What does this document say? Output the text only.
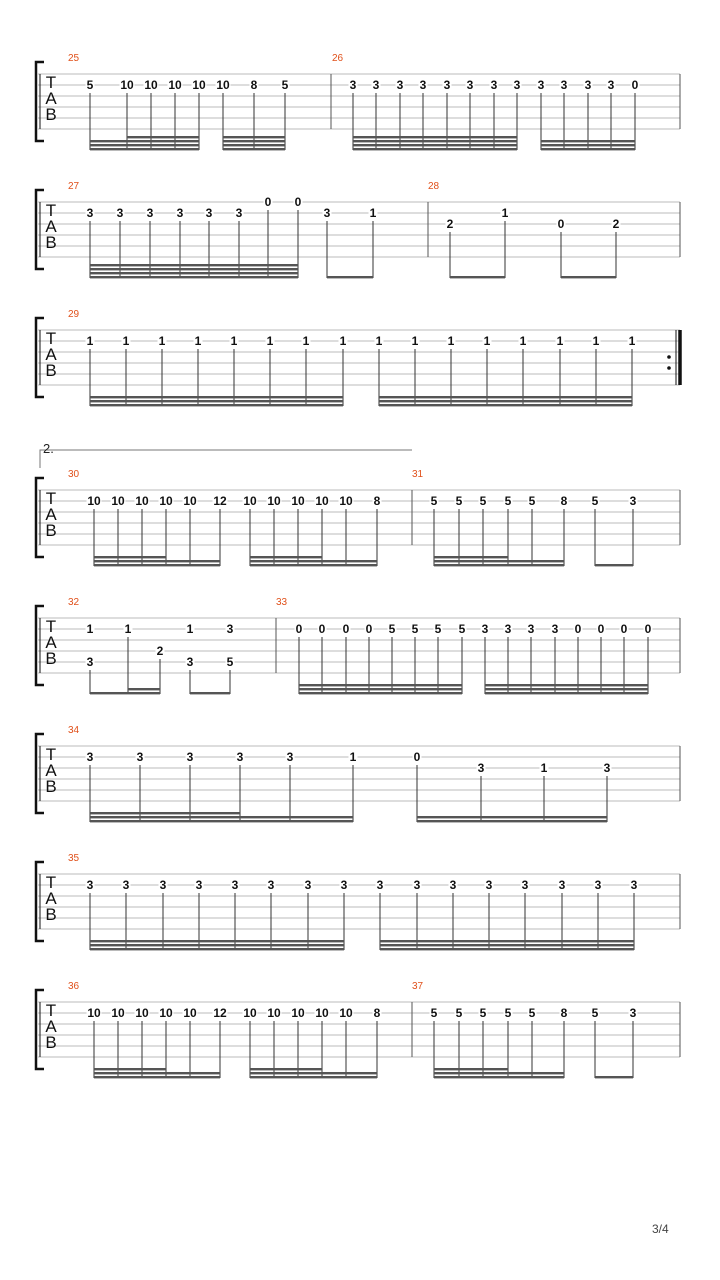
T
A
B
25
5 10 10 10 10 10 8 5
26
3 3 3 3 3 3 3 3 3 3 3 3 0
T
A
B
27
3 3 3 3 3 3
0 0
3	1
28
2
1
0	2
T
A
B
29
1 1 1 1 1 1 1	1 1 1 1 1 1	1 1 1
T
A
B
30
10 10 10 10 10 12 10 10 10 10 10 8
31
5 5 5 5 5 8 5	3
T
A
B
32
1
3
1
2
1
3
3
5
33
0 0 0 0 5 5 5 5 3 3 3 3 0 0 0 0
T
A
B
34
3	3	3	3	3	1	0
3	1	3
T
A
B
35
3 3	3 3 3 3	3 3 3	3 3 3 3	3 3 3
T
A
B
36
10 10 10 10 10 12 10 10 10 10 10 8
37
5 5 5 5 5 8 5	3
2.
3/4
